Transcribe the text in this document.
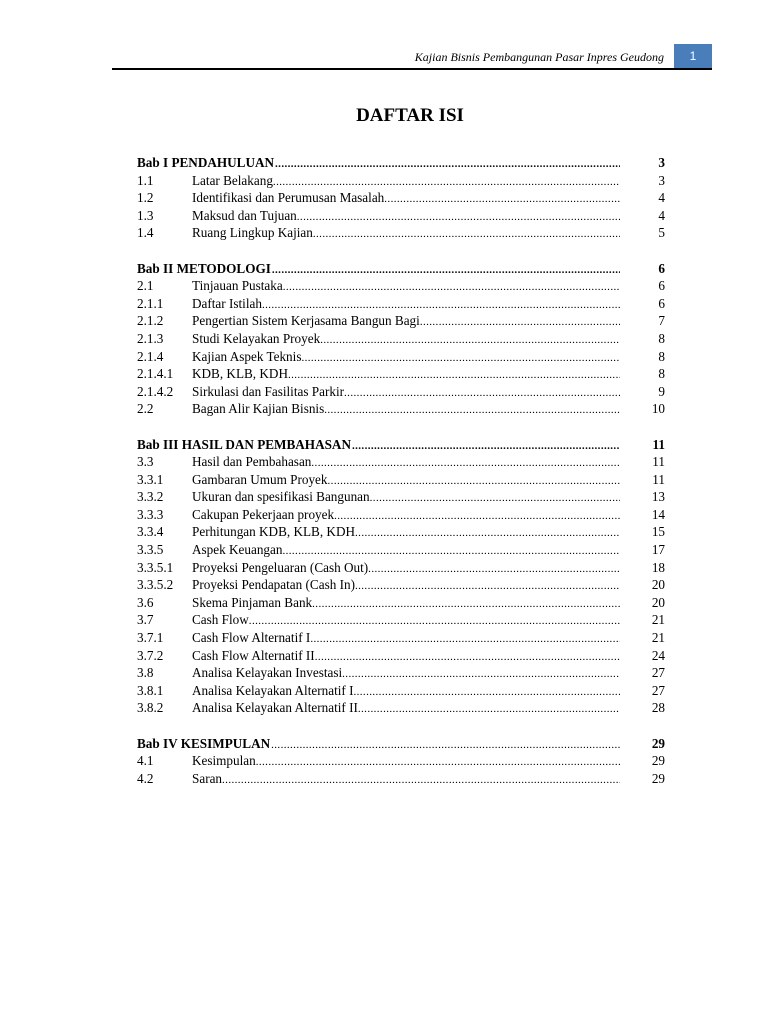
Kajian Bisnis Pembangunan Pasar Inpres Geudong	1
DAFTAR ISI
Bab I PENDAHULUAN .....	3
1.1	Latar Belakang .....	3
1.2	Identifikasi dan Perumusan Masalah .....	4
1.3	Maksud dan Tujuan .....	4
1.4	Ruang Lingkup Kajian .....	5
Bab II METODOLOGI .....	6
2.1	Tinjauan Pustaka .....	6
2.1.1	Daftar Istilah .....	6
2.1.2	Pengertian Sistem Kerjasama Bangun Bagi .....	7
2.1.3	Studi Kelayakan Proyek .....	8
2.1.4	Kajian Aspek Teknis .....	8
2.1.4.1	KDB, KLB, KDH .....	8
2.1.4.2	Sirkulasi dan Fasilitas Parkir .....	9
2.2	Bagan Alir Kajian Bisnis .....	10
Bab III HASIL DAN PEMBAHASAN .....	11
3.3	Hasil dan Pembahasan .....	11
3.3.1	Gambaran Umum Proyek .....	11
3.3.2	Ukuran dan spesifikasi Bangunan .....	13
3.3.3	Cakupan Pekerjaan proyek .....	14
3.3.4	Perhitungan KDB, KLB, KDH .....	15
3.3.5	Aspek Keuangan .....	17
3.3.5.1	Proyeksi Pengeluaran (Cash Out) .....	18
3.3.5.2	Proyeksi Pendapatan (Cash In) .....	20
3.6	Skema Pinjaman Bank .....	20
3.7	Cash Flow .....	21
3.7.1	Cash Flow Alternatif I .....	21
3.7.2	Cash Flow Alternatif II .....	24
3.8	Analisa Kelayakan Investasi .....	27
3.8.1	Analisa Kelayakan Alternatif I .....	27
3.8.2	Analisa Kelayakan Alternatif II .....	28
Bab IV KESIMPULAN .....	29
4.1	Kesimpulan .....	29
4.2	Saran .....	29
